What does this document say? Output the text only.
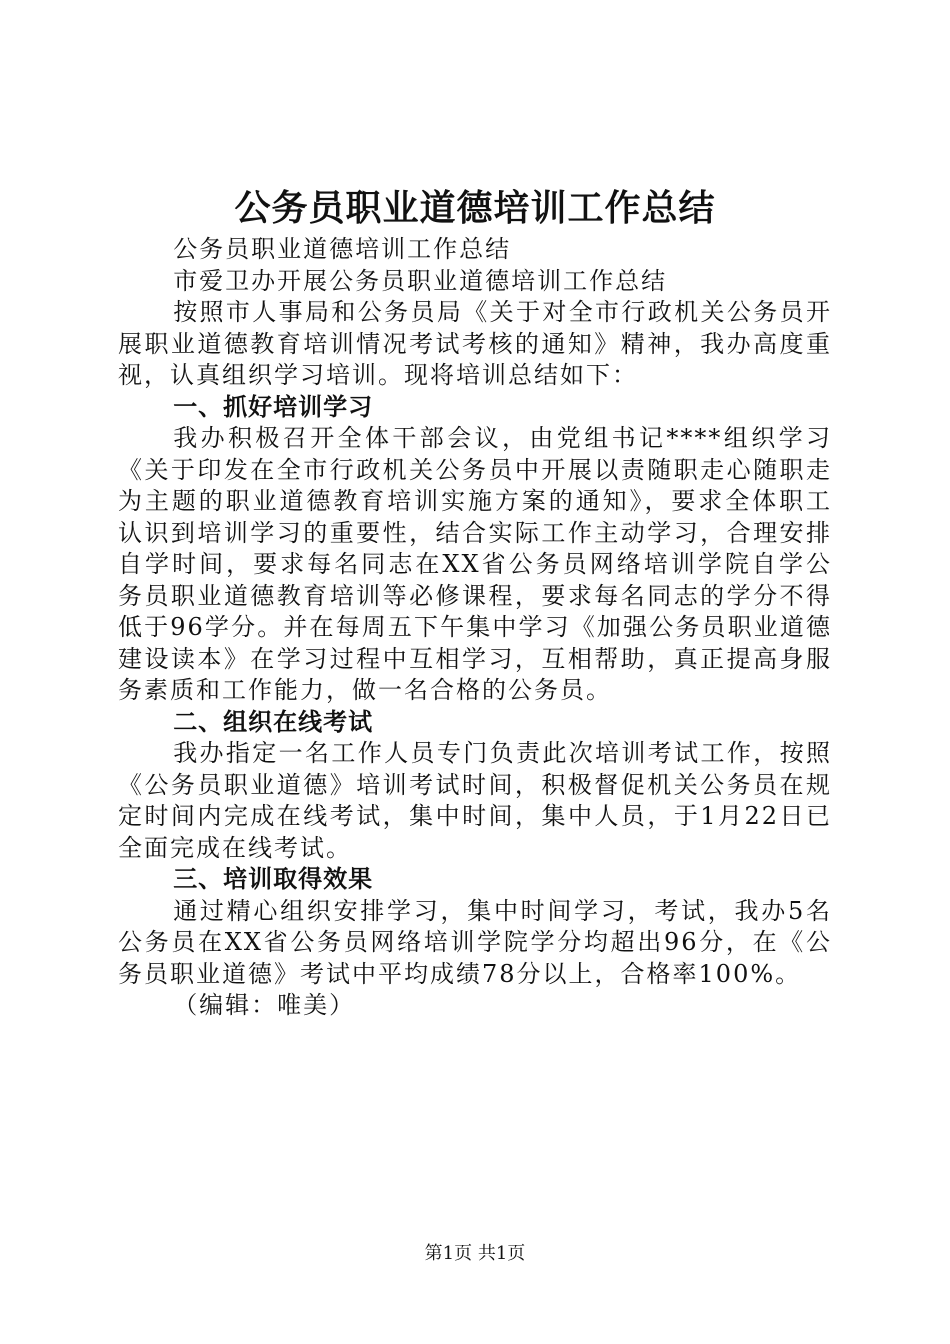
公务员职业道德培训工作总结

公务员职业道德培训工作总结

市爱卫办开展公务员职业道德培训工作总结

按照市人事局和公务员局《关于对全市行政机关公务员开展职业道德教育培训情况考试考核的通知》精神，我办高度重视，认真组织学习培训。现将培训总结如下：

一、抓好培训学习

我办积极召开全体干部会议，由党组书记****组织学习《关于印发在全市行政机关公务员中开展以责随职走心随职走为主题的职业道德教育培训实施方案的通知》，要求全体职工认识到培训学习的重要性，结合实际工作主动学习，合理安排自学时间，要求每名同志在XX省公务员网络培训学院自学公务员职业道德教育培训等必修课程，要求每名同志的学分不得低于96学分。并在每周五下午集中学习《加强公务员职业道德建设读本》在学习过程中互相学习，互相帮助，真正提高身服务素质和工作能力，做一名合格的公务员。

二、组织在线考试

我办指定一名工作人员专门负责此次培训考试工作，按照《公务员职业道德》培训考试时间，积极督促机关公务员在规定时间内完成在线考试，集中时间，集中人员，于1月22日已全面完成在线考试。

三、培训取得效果

通过精心组织安排学习，集中时间学习，考试，我办5名公务员在XX省公务员网络培训学院学分均超出96分，在《公务员职业道德》考试中平均成绩78分以上，合格率100%。

（编辑：唯美）

第1页 共1页
